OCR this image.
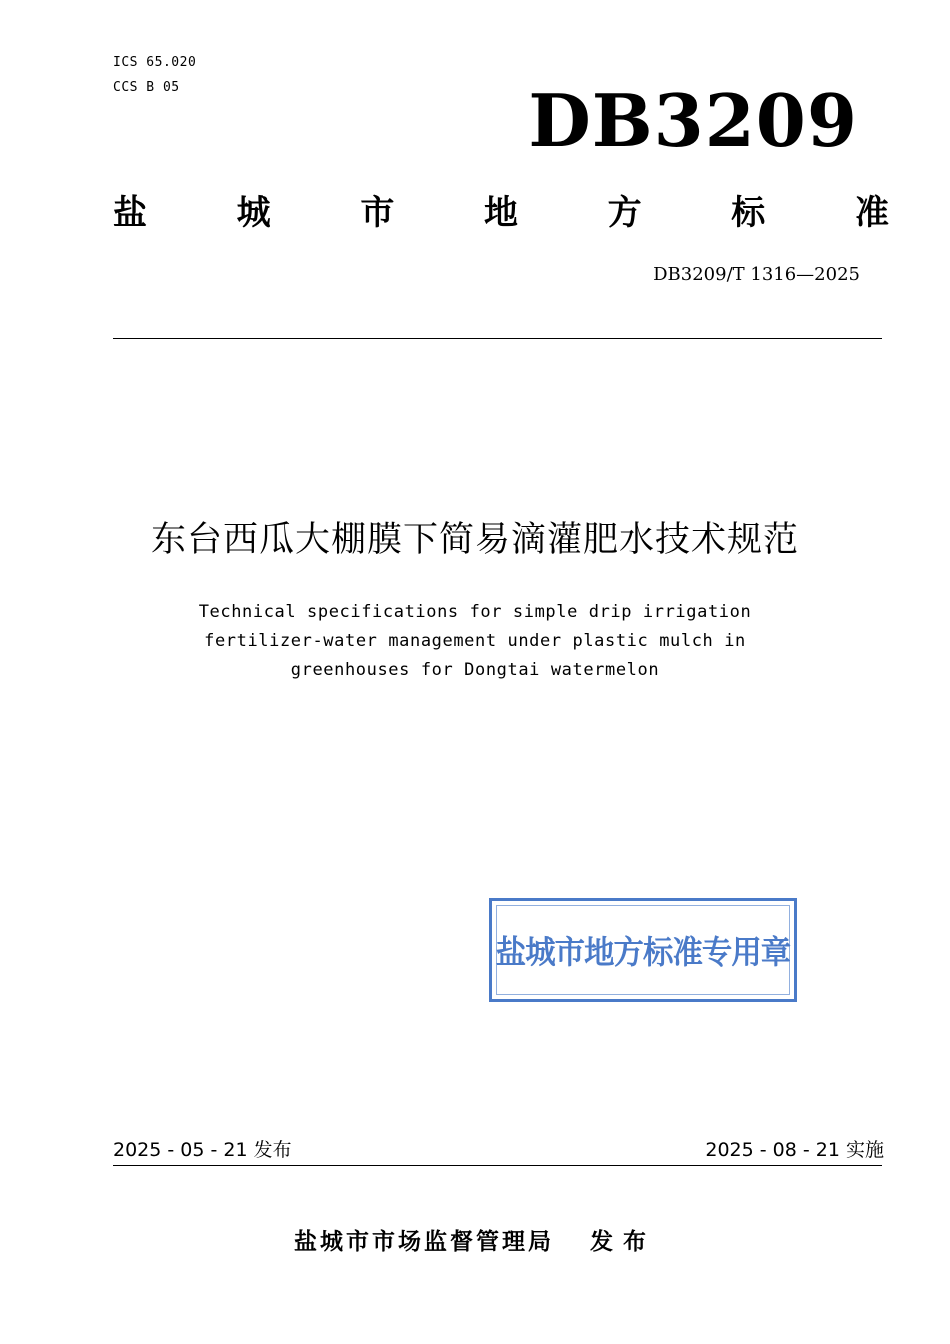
ICS 65.020
CCS B 05	DB3209
盐	城	市	地	方	标	准
DB3209/T 1316—2025
东台西瓜大棚膜下简易滴灌肥水技术规范
Technical specifications for simple drip irrigation
fertilizer-water management under plastic mulch in
greenhouses for Dongtai watermelon
盐城市地方标准专用章
2025 - 05 - 21 发布	2025 - 08 - 21 实施
盐城市市场监督管理局 发布
